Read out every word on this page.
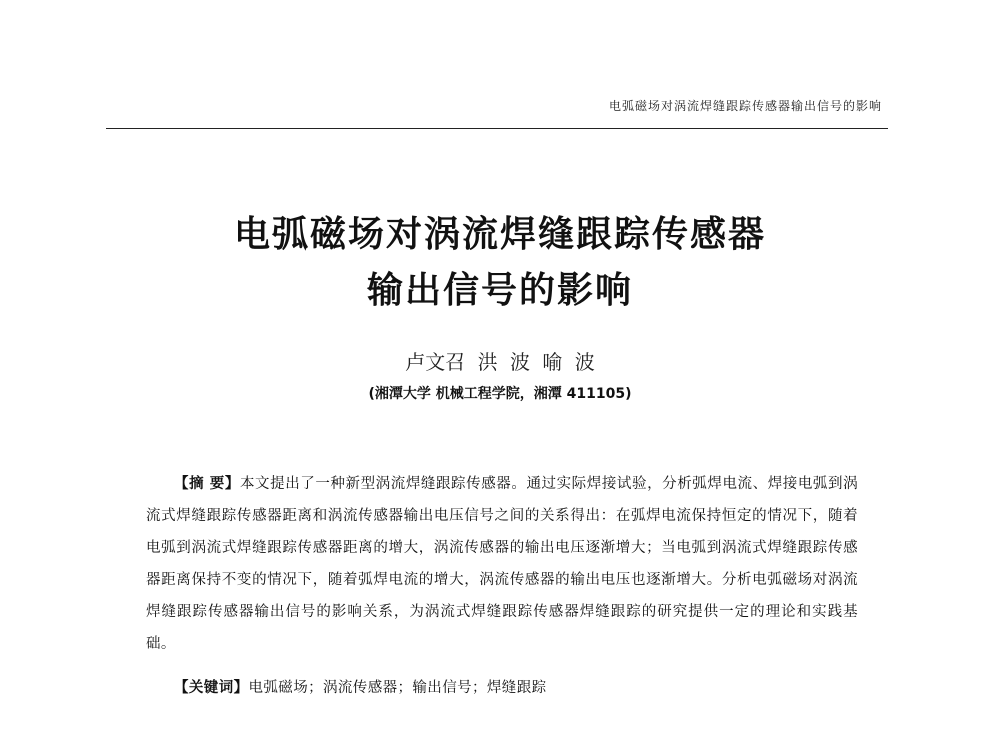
电弧磁场对涡流焊缝跟踪传感器输出信号的影响
电弧磁场对涡流焊缝跟踪传感器
输出信号的影响
卢文召 洪 波 喻 波
(湘潭大学 机械工程学院，湘潭 411105)

【摘 要】本文提出了一种新型涡流焊缝跟踪传感器。通过实际焊接试验，分析弧焊电流、焊接电弧到涡流式焊缝跟踪传感器距离和涡流传感器输出电压信号之间的关系得出：在弧焊电流保持恒定的情况下，随着电弧到涡流式焊缝跟踪传感器距离的增大，涡流传感器的输出电压逐渐增大；当电弧到涡流式焊缝跟踪传感器距离保持不变的情况下，随着弧焊电流的增大，涡流传感器的输出电压也逐渐增大。分析电弧磁场对涡流焊缝跟踪传感器输出信号的影响关系，为涡流式焊缝跟踪传感器焊缝跟踪的研究提供一定的理论和实践基础。

【关键词】电弧磁场；涡流传感器；输出信号；焊缝跟踪
